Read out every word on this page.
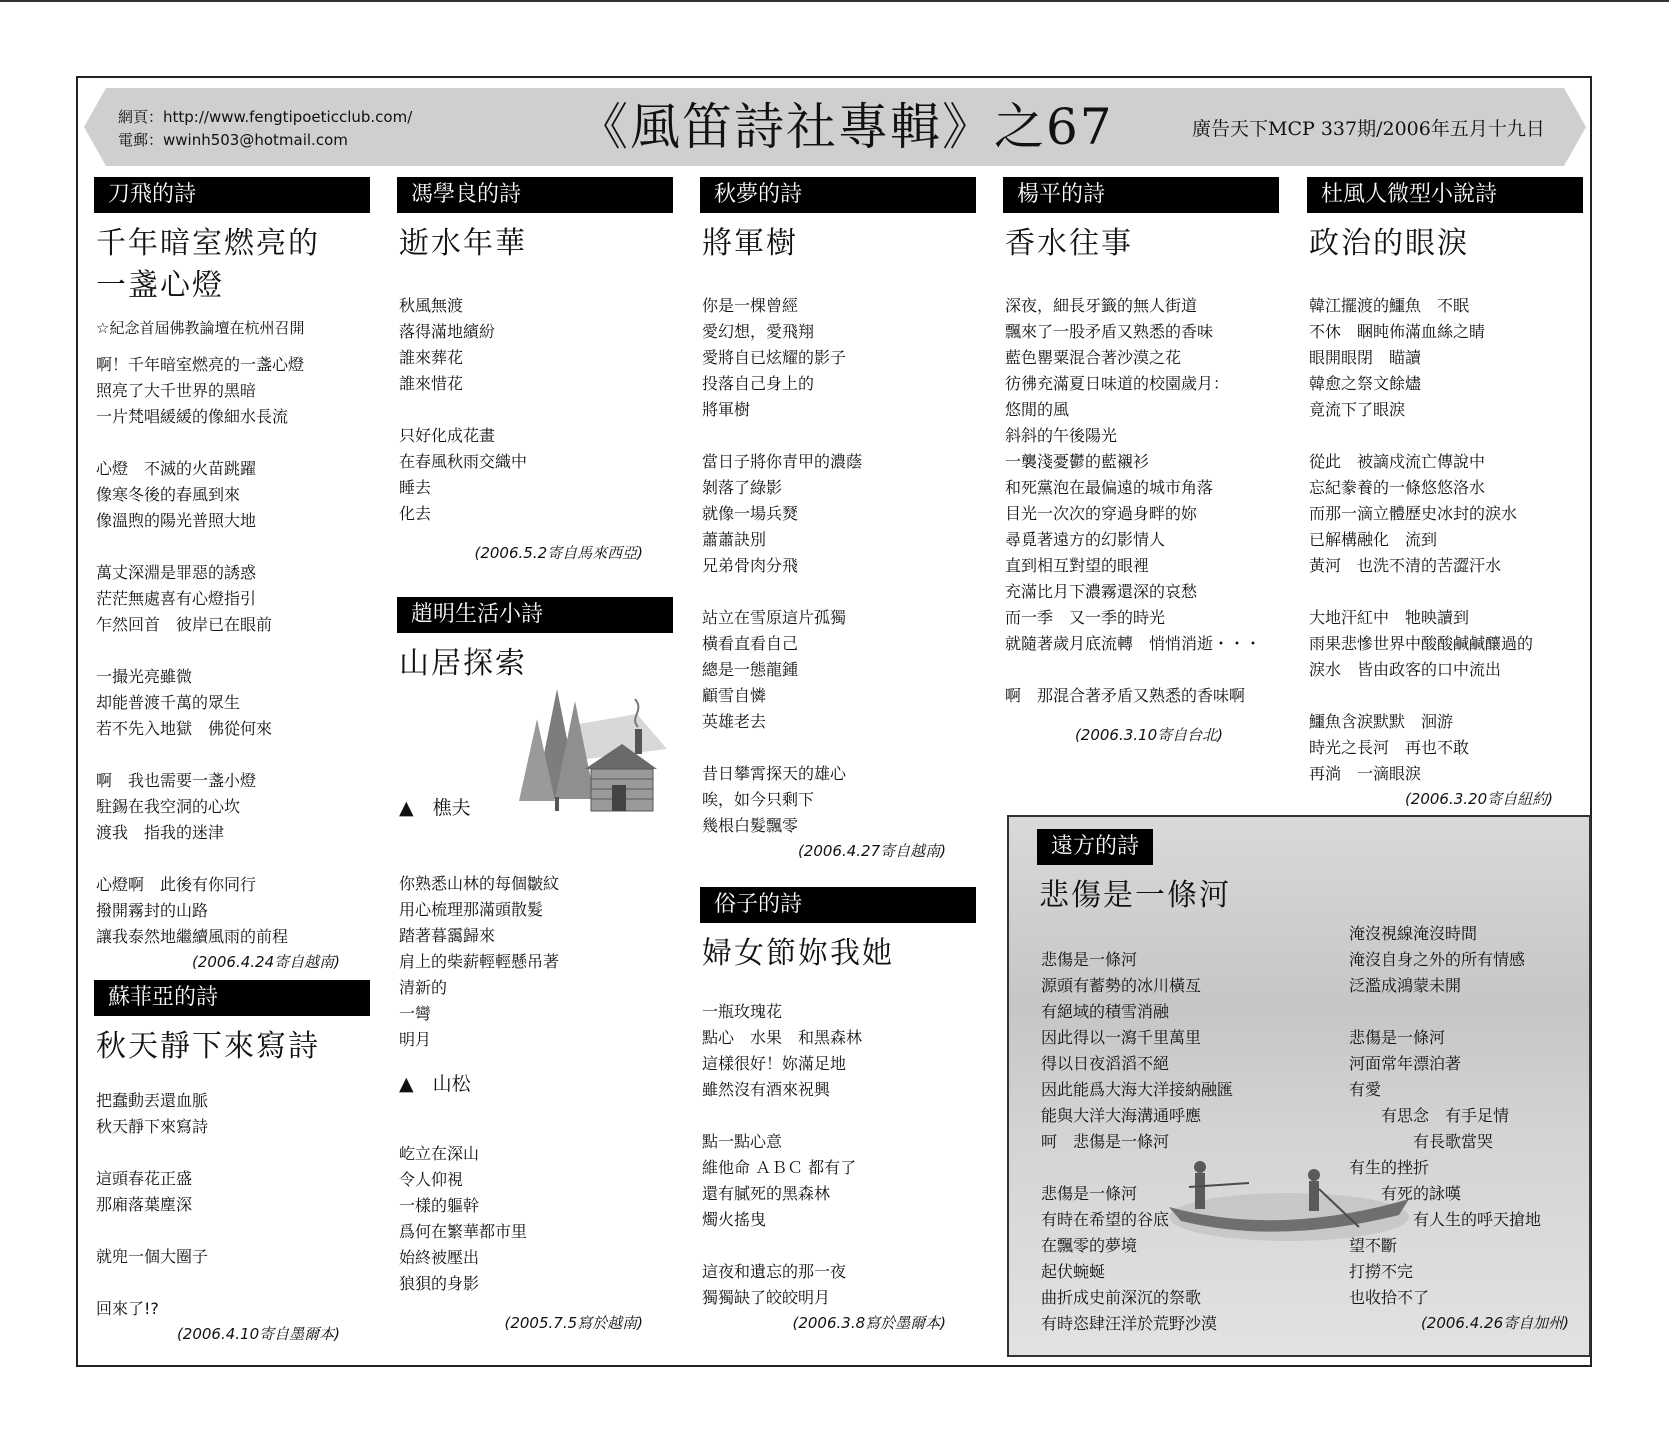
網頁：http://www.fengtipoeticclub.com/
電郵：wwinh503@hotmail.com	《風笛詩社專輯》之67	廣告天下MCP 337期/2006年五月十九日
刀飛的詩
千年暗室燃亮的
一盞心燈
☆紀念首屆佛教論壇在杭州召開
啊！千年暗室燃亮的一盞心燈
照亮了大千世界的黑暗
一片梵唱緩緩的像細水長流
心燈　不滅的火苗跳躍
像寒冬後的春風到來
像溫煦的陽光普照大地
萬丈深淵是罪惡的誘惑
茫茫無處喜有心燈指引
乍然回首　彼岸已在眼前
一撮光亮雖微
却能普渡千萬的眾生
若不先入地獄　佛從何來
啊　我也需要一盞小燈
駐錫在我空洞的心坎
渡我　指我的迷津
心燈啊　此後有你同行
撥開霧封的山路
讓我泰然地繼續風雨的前程
(2006.4.24寄自越南)
蘇菲亞的詩
秋天靜下來寫詩
把蠢動丟還血脈
秋天靜下來寫詩
這頭春花正盛
那廂落葉塵深
就兜一個大圈子
回來了!?
(2006.4.10寄自墨爾本)
馮學良的詩
逝水年華
秋風無渡
落得滿地繽紛
誰來葬花
誰來惜花
只好化成花畫
在春風秋雨交織中
睡去
化去
(2006.5.2寄自馬來西亞)
趙明生活小詩
山居探索
▲　樵夫
你熟悉山林的每個皺紋
用心梳理那滿頭散髮
踏著暮靄歸來
肩上的柴薪輕輕懸吊著
清新的
一彎
明月
▲　山松
屹立在深山
令人仰視
一樣的軀幹
爲何在繁華都市里
始終被壓出
狼狽的身影
(2005.7.5寫於越南)
秋夢的詩
將軍樹
你是一棵曾經
愛幻想，愛飛翔
愛將自已炫耀的影子
投落自己身上的
將軍樹
當日子將你青甲的濃蔭
剝落了綠影
就像一場兵燹
蕭蕭訣別
兄弟骨肉分飛
站立在雪原這片孤獨
橫看直看自己
總是一態龍鍾
顧雪自憐
英雄老去
昔日攀霄探天的雄心
唉，如今只剩下
幾根白髮飄零
(2006.4.27寄自越南)
俗子的詩
婦女節妳我她
一瓶玫瑰花
點心　水果　和黑森林
這樣很好！妳滿足地
雖然沒有酒來祝興
點一點心意
維他命 ＡＢＣ 都有了
還有膩死的黑森林
燭火搖曳
這夜和遺忘的那一夜
獨獨缺了皎皎明月
(2006.3.8寫於墨爾本)
楊平的詩
香水往事
深夜，細長牙籤的無人街道
飄來了一股矛盾又熟悉的香味
藍色罌粟混合著沙漠之花
彷彿充滿夏日味道的校園歲月：
悠閒的風
斜斜的午後陽光
一襲淺憂鬱的藍襯衫
和死黨泡在最偏遠的城市角落
目光一次次的穿過身畔的妳
尋覓著遠方的幻影情人
直到相互對望的眼裡
充滿比月下濃霧還深的哀愁
而一季　又一季的時光
就隨著歲月底流轉　悄悄消逝・・・
啊　那混合著矛盾又熟悉的香味啊
(2006.3.10寄自台北)
杜風人微型小說詩
政治的眼淚
韓江擺渡的鱷魚　不眠
不休　睏盹佈滿血絲之睛
眼開眼閉　瞄讀
韓愈之祭文餘燼
竟流下了眼淚
從此　被謫戍流亡傳說中
忘紀豢養的一條悠悠洛水
而那一滴立體歷史冰封的淚水
已解構融化　流到
黃河　也洗不清的苦澀汗水
大地汗紅中　牠映讀到
雨果悲慘世界中酸酸鹹鹹釀過的
淚水　皆由政客的口中流出
鱷魚含淚默默　洄游
時光之長河　再也不敢
再淌　一滴眼淚
(2006.3.20寄自紐約)
遠方的詩
悲傷是一條河
悲傷是一條河
源頭有蓄勢的冰川橫亙
有絕域的積雪消融
因此得以一瀉千里萬里
得以日夜滔滔不絕
因此能爲大海大洋接納融匯
能與大洋大海溝通呼應
呵　悲傷是一條河
悲傷是一條河
有時在希望的谷底
在飄零的夢境
起伏蜿蜒
曲折成史前深沉的祭歌
有時恣肆汪洋於荒野沙漠
淹沒視線淹沒時間
淹沒自身之外的所有情感
泛濫成鴻蒙未開
悲傷是一條河
河面常年漂泊著
有愛
　　有思念　有手足情
　　　　有長歌當哭
有生的挫折
　　有死的詠嘆
　　　　有人生的呼天搶地
望不斷
打撈不完
也收拾不了
(2006.4.26寄自加州)
